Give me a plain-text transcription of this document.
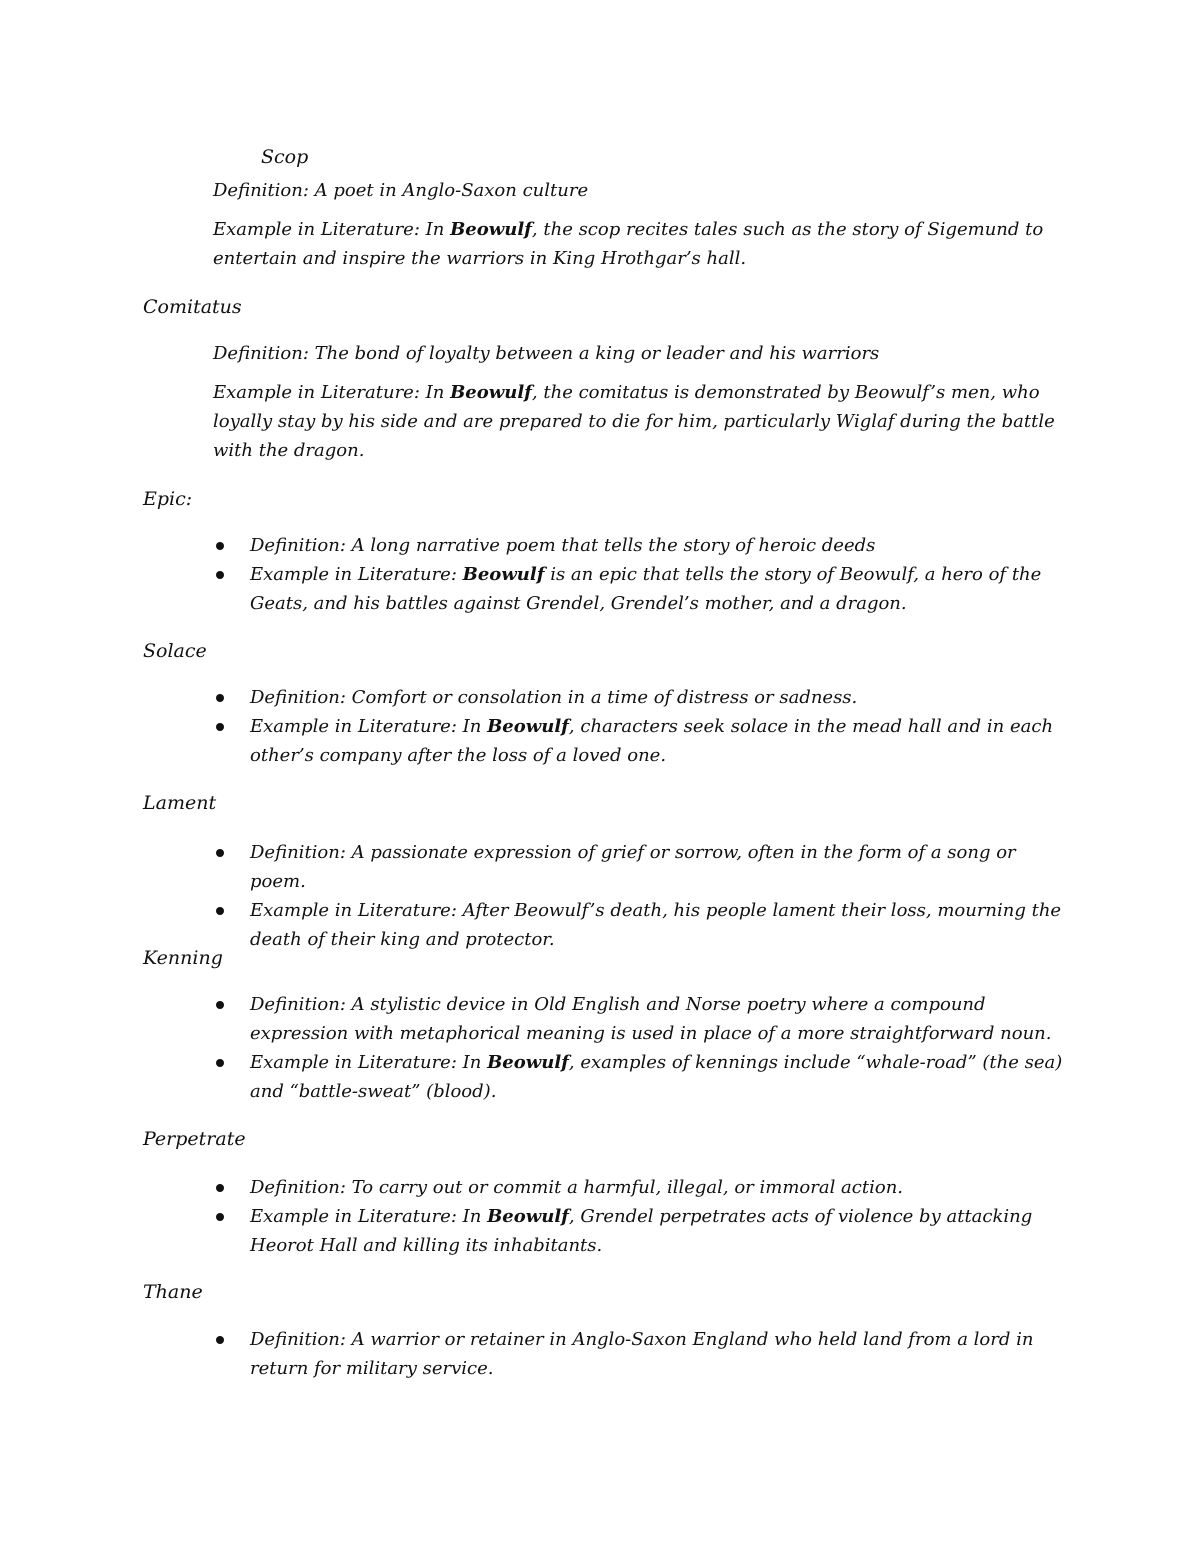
Scop

Definition: A poet in Anglo-Saxon culture

Example in Literature: In Beowulf, the scop recites tales such as the story of Sigemund to entertain and inspire the warriors in King Hrothgar’s hall.

Comitatus

Definition: The bond of loyalty between a king or leader and his warriors

Example in Literature: In Beowulf, the comitatus is demonstrated by Beowulf’s men, who loyally stay by his side and are prepared to die for him, particularly Wiglaf during the battle with the dragon.

Epic:
Definition: A long narrative poem that tells the story of heroic deeds
Example in Literature: Beowulf is an epic that tells the story of Beowulf, a hero of the Geats, and his battles against Grendel, Grendel’s mother, and a dragon.
Solace
Definition: Comfort or consolation in a time of distress or sadness.
Example in Literature: In Beowulf, characters seek solace in the mead hall and in each other’s company after the loss of a loved one.
Lament
Definition: A passionate expression of grief or sorrow, often in the form of a song or poem.
Example in Literature: After Beowulf’s death, his people lament their loss, mourning the death of their king and protector.
Kenning
Definition: A stylistic device in Old English and Norse poetry where a compound expression with metaphorical meaning is used in place of a more straightforward noun.
Example in Literature: In Beowulf, examples of kennings include “whale-road” (the sea) and “battle-sweat” (blood).
Perpetrate
Definition: To carry out or commit a harmful, illegal, or immoral action.
Example in Literature: In Beowulf, Grendel perpetrates acts of violence by attacking Heorot Hall and killing its inhabitants.
Thane
Definition: A warrior or retainer in Anglo-Saxon England who held land from a lord in return for military service.
